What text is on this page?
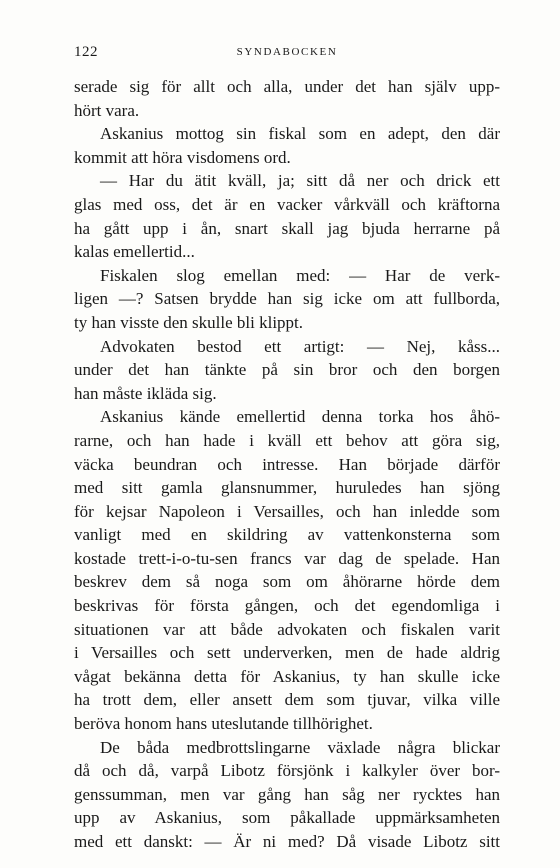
122	SYNDABOCKEN
serade sig för allt och alla, under det han själv upp-
hört vara.
Askanius mottog sin fiskal som en adept, den där
kommit att höra visdomens ord.
— Har du ätit kväll, ja; sitt då ner och drick ett
glas med oss, det är en vacker vårkväll och kräftorna
ha gått upp i ån, snart skall jag bjuda herrarne på
kalas emellertid...
Fiskalen slog emellan med: — Har de verk-
ligen —? Satsen brydde han sig icke om att fullborda,
ty han visste den skulle bli klippt.
Advokaten bestod ett artigt: — Nej, kåss...
under det han tänkte på sin bror och den borgen
han måste ikläda sig.
Askanius kände emellertid denna torka hos åhö-
rarne, och han hade i kväll ett behov att göra sig,
väcka beundran och intresse. Han började därför
med sitt gamla glansnummer, huruledes han sjöng
för kejsar Napoleon i Versailles, och han inledde som
vanligt med en skildring av vattenkonsterna som
kostade trett-i-o-tu-sen francs var dag de spelade. Han
beskrev dem så noga som om åhörarne hörde dem
beskrivas för första gången, och det egendomliga i
situationen var att både advokaten och fiskalen varit
i Versailles och sett underverken, men de hade aldrig
vågat bekänna detta för Askanius, ty han skulle icke
ha trott dem, eller ansett dem som tjuvar, vilka ville
beröva honom hans uteslutande tillhörighet.
De båda medbrottslingarne växlade några blickar
då och då, varpå Libotz försjönk i kalkyler över bor-
genssumman, men var gång han såg ner rycktes han
upp av Askanius, som påkallade uppmärksamheten
med ett danskt: — Är ni med? Då visade Libotz sitt
